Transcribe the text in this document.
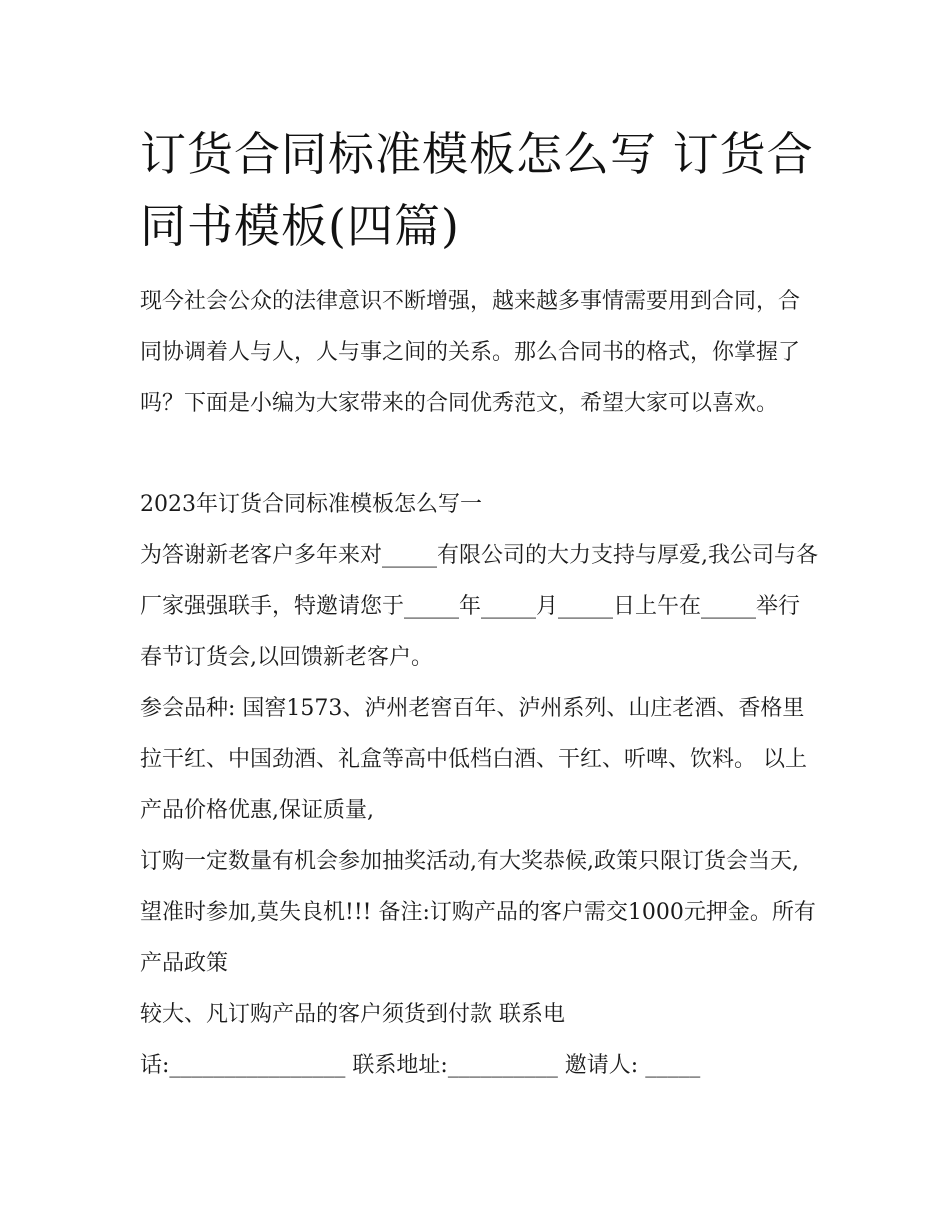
订货合同标准模板怎么写 订货合同书模板(四篇)

现今社会公众的法律意识不断增强，越来越多事情需要用到合同，合同协调着人与人，人与事之间的关系。那么合同书的格式，你掌握了吗？下面是小编为大家带来的合同优秀范文，希望大家可以喜欢。

2023年订货合同标准模板怎么写一

为答谢新老客户多年来对_____有限公司的大力支持与厚爱,我公司与各厂家强强联手，特邀请您于_____年_____月_____日上午在_____举行春节订货会,以回馈新老客户。

参会品种: 国窖1573、泸州老窖百年、泸州系列、山庄老酒、香格里拉干红、中国劲酒、礼盒等高中低档白酒、干红、听啤、饮料。 以上产品价格优惠,保证质量,

订购一定数量有机会参加抽奖活动,有大奖恭候,政策只限订货会当天,望准时参加,莫失良机!!! 备注:订购产品的客户需交1000元押金。所有产品政策

较大、凡订购产品的客户须货到付款 联系电

话:________________ 联系地址:__________ 邀请人: _____
